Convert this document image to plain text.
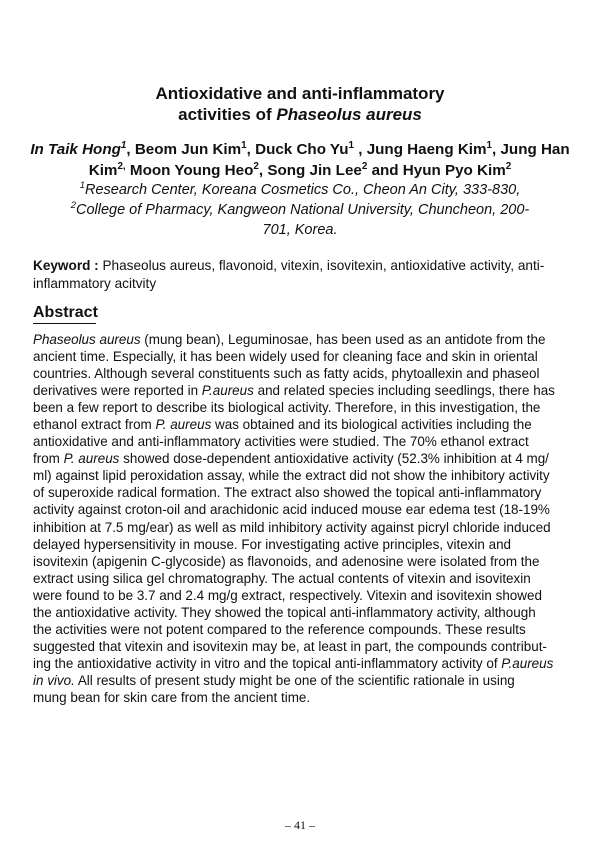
Antioxidative and anti-inflammatory
activities of Phaseolus aureus
In Taik Hong$^1$, Beom Jun Kim$^1$, Duck Cho Yu$^1$ , Jung Haeng Kim$^1$, Jung Han Kim$^{2,}$ Moon Young Heo$^2$, Song Jin Lee$^2$ and Hyun Pyo Kim$^2$
$^1$Research Center, Koreana Cosmetics Co., Cheon An City, 333-830,
$^2$College of Pharmacy, Kangweon National University, Chuncheon, 200-
701, Korea.
Keyword : Phaseolus aureus, flavonoid, vitexin, isovitexin, antioxidative activity, anti-inflammatory acitvity
Abstract
Phaseolus aureus (mung bean), Leguminosae, has been used as an antidote from the
ancient time. Especially, it has been widely used for cleaning face and skin in oriental
countries. Although several constituents such as fatty acids, phytoallexin and phaseol
derivatives were reported in P.aureus and related species including seedlings, there has
been a few report to describe its biological activity. Therefore, in this investigation, the
ethanol extract from P. aureus was obtained and its biological activities including the
antioxidative and anti-inflammatory activities were studied. The 70% ethanol extract
from P. aureus showed dose-dependent antioxidative activity (52.3% inhibition at 4 mg/
ml) against lipid peroxidation assay, while the extract did not show the inhibitory activity
of superoxide radical formation. The extract also showed the topical anti-inflammatory
activity against croton-oil and arachidonic acid induced mouse ear edema test (18-19%
inhibition at 7.5 mg/ear) as well as mild inhibitory activity against picryl chloride induced
delayed hypersensitivity in mouse. For investigating active principles, vitexin and
isovitexin (apigenin C-glycoside) as flavonoids, and adenosine were isolated from the
extract using silica gel chromatography. The actual contents of vitexin and isovitexin
were found to be 3.7 and 2.4 mg/g extract, respectively. Vitexin and isovitexin showed
the antioxidative activity. They showed the topical anti-inflammatory activity, although
the activities were not potent compared to the reference compounds. These results
suggested that vitexin and isovitexin may be, at least in part, the compounds contribut-
ing the antioxidative activity in vitro and the topical anti-inflammatory activity of P.aureus
in vivo. All results of present study might be one of the scientific rationale in using
mung bean for skin care from the ancient time.
– 41 –
